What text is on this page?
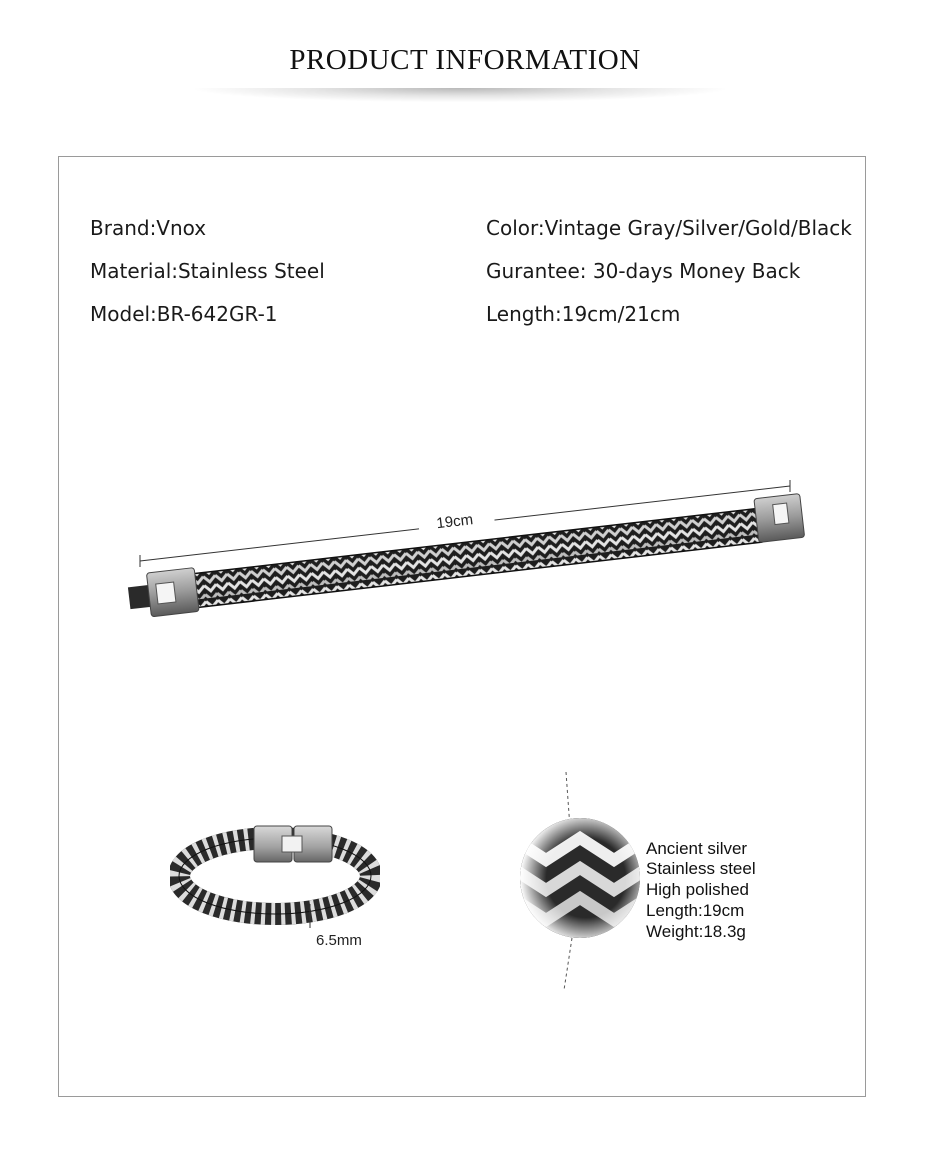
PRODUCT INFORMATION
Brand:Vnox
Material:Stainless Steel
Model:BR-642GR-1
Color:Vintage Gray/Silver/Gold/Black
Gurantee: 30-days Money Back
Length:19cm/21cm
19cm
6.5mm
Ancient silver
Stainless steel
High polished
Length:19cm
Weight:18.3g
